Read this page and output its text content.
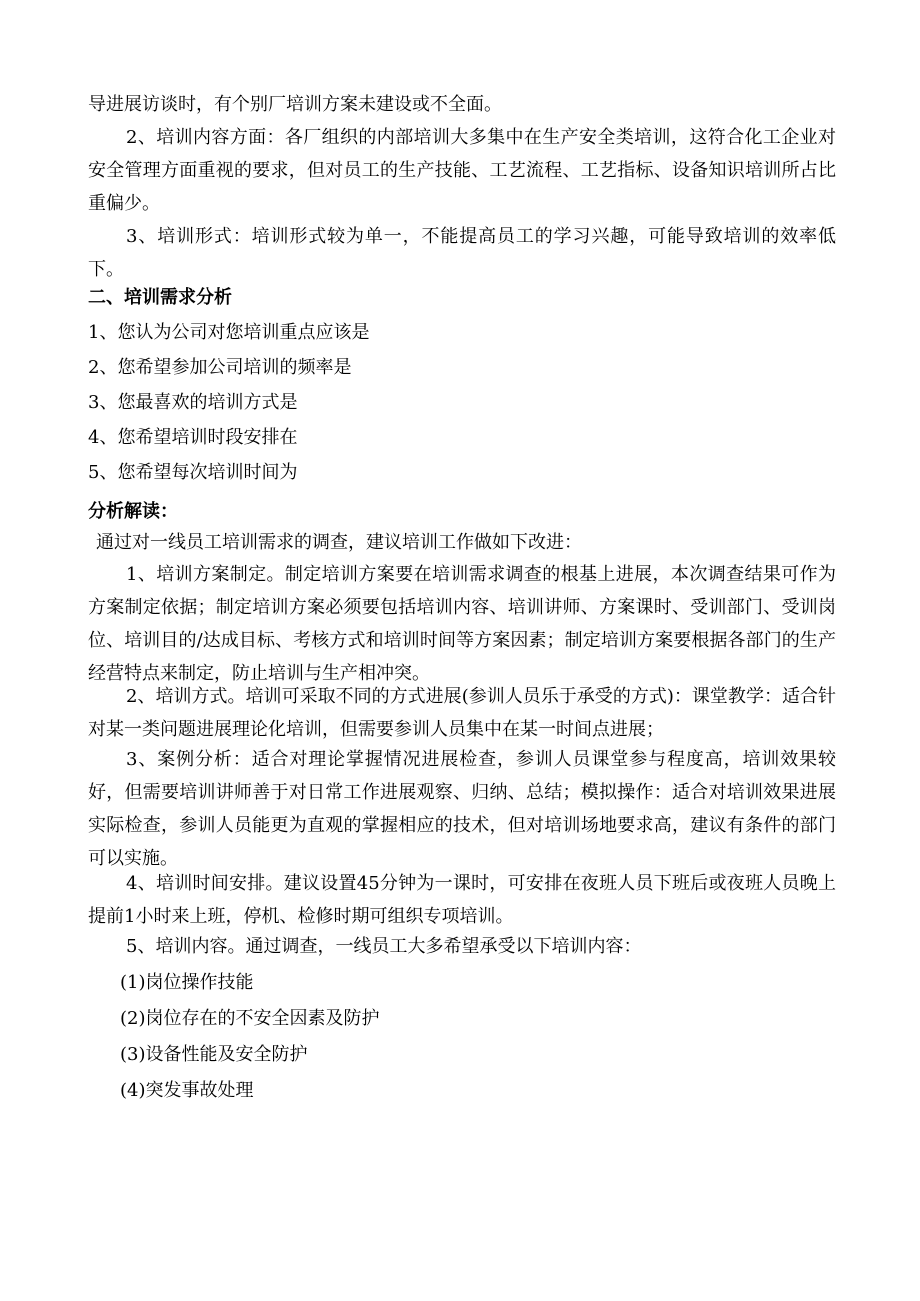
导进展访谈时，有个别厂培训方案未建设或不全面。

2、培训内容方面：各厂组织的内部培训大多集中在生产安全类培训，这符合化工企业对安全管理方面重视的要求，但对员工的生产技能、工艺流程、工艺指标、设备知识培训所占比重偏少。

3、培训形式：培训形式较为单一，不能提高员工的学习兴趣，可能导致培训的效率低下。

二、培训需求分析
1、您认为公司对您培训重点应该是
2、您希望参加公司培训的频率是
3、您最喜欢的培训方式是
4、您希望培训时段安排在
5、您希望每次培训时间为
分析解读：
通过对一线员工培训需求的调查，建议培训工作做如下改进：

1、培训方案制定。制定培训方案要在培训需求调查的根基上进展，本次调查结果可作为方案制定依据；制定培训方案必须要包括培训内容、培训讲师、方案课时、受训部门、受训岗位、培训目的/达成目标、考核方式和培训时间等方案因素；制定培训方案要根据各部门的生产经营特点来制定，防止培训与生产相冲突。

2、培训方式。培训可采取不同的方式进展(参训人员乐于承受的方式)：课堂教学：适合针对某一类问题进展理论化培训，但需要参训人员集中在某一时间点进展；

3、案例分析：适合对理论掌握情况进展检查，参训人员课堂参与程度高，培训效果较好，但需要培训讲师善于对日常工作进展观察、归纳、总结；模拟操作：适合对培训效果进展实际检查，参训人员能更为直观的掌握相应的技术，但对培训场地要求高，建议有条件的部门可以实施。

4、培训时间安排。建议设置45分钟为一课时，可安排在夜班人员下班后或夜班人员晚上提前1小时来上班，停机、检修时期可组织专项培训。

5、培训内容。通过调查，一线员工大多希望承受以下培训内容：

(1)岗位操作技能
(2)岗位存在的不安全因素及防护
(3)设备性能及安全防护
(4)突发事故处理
